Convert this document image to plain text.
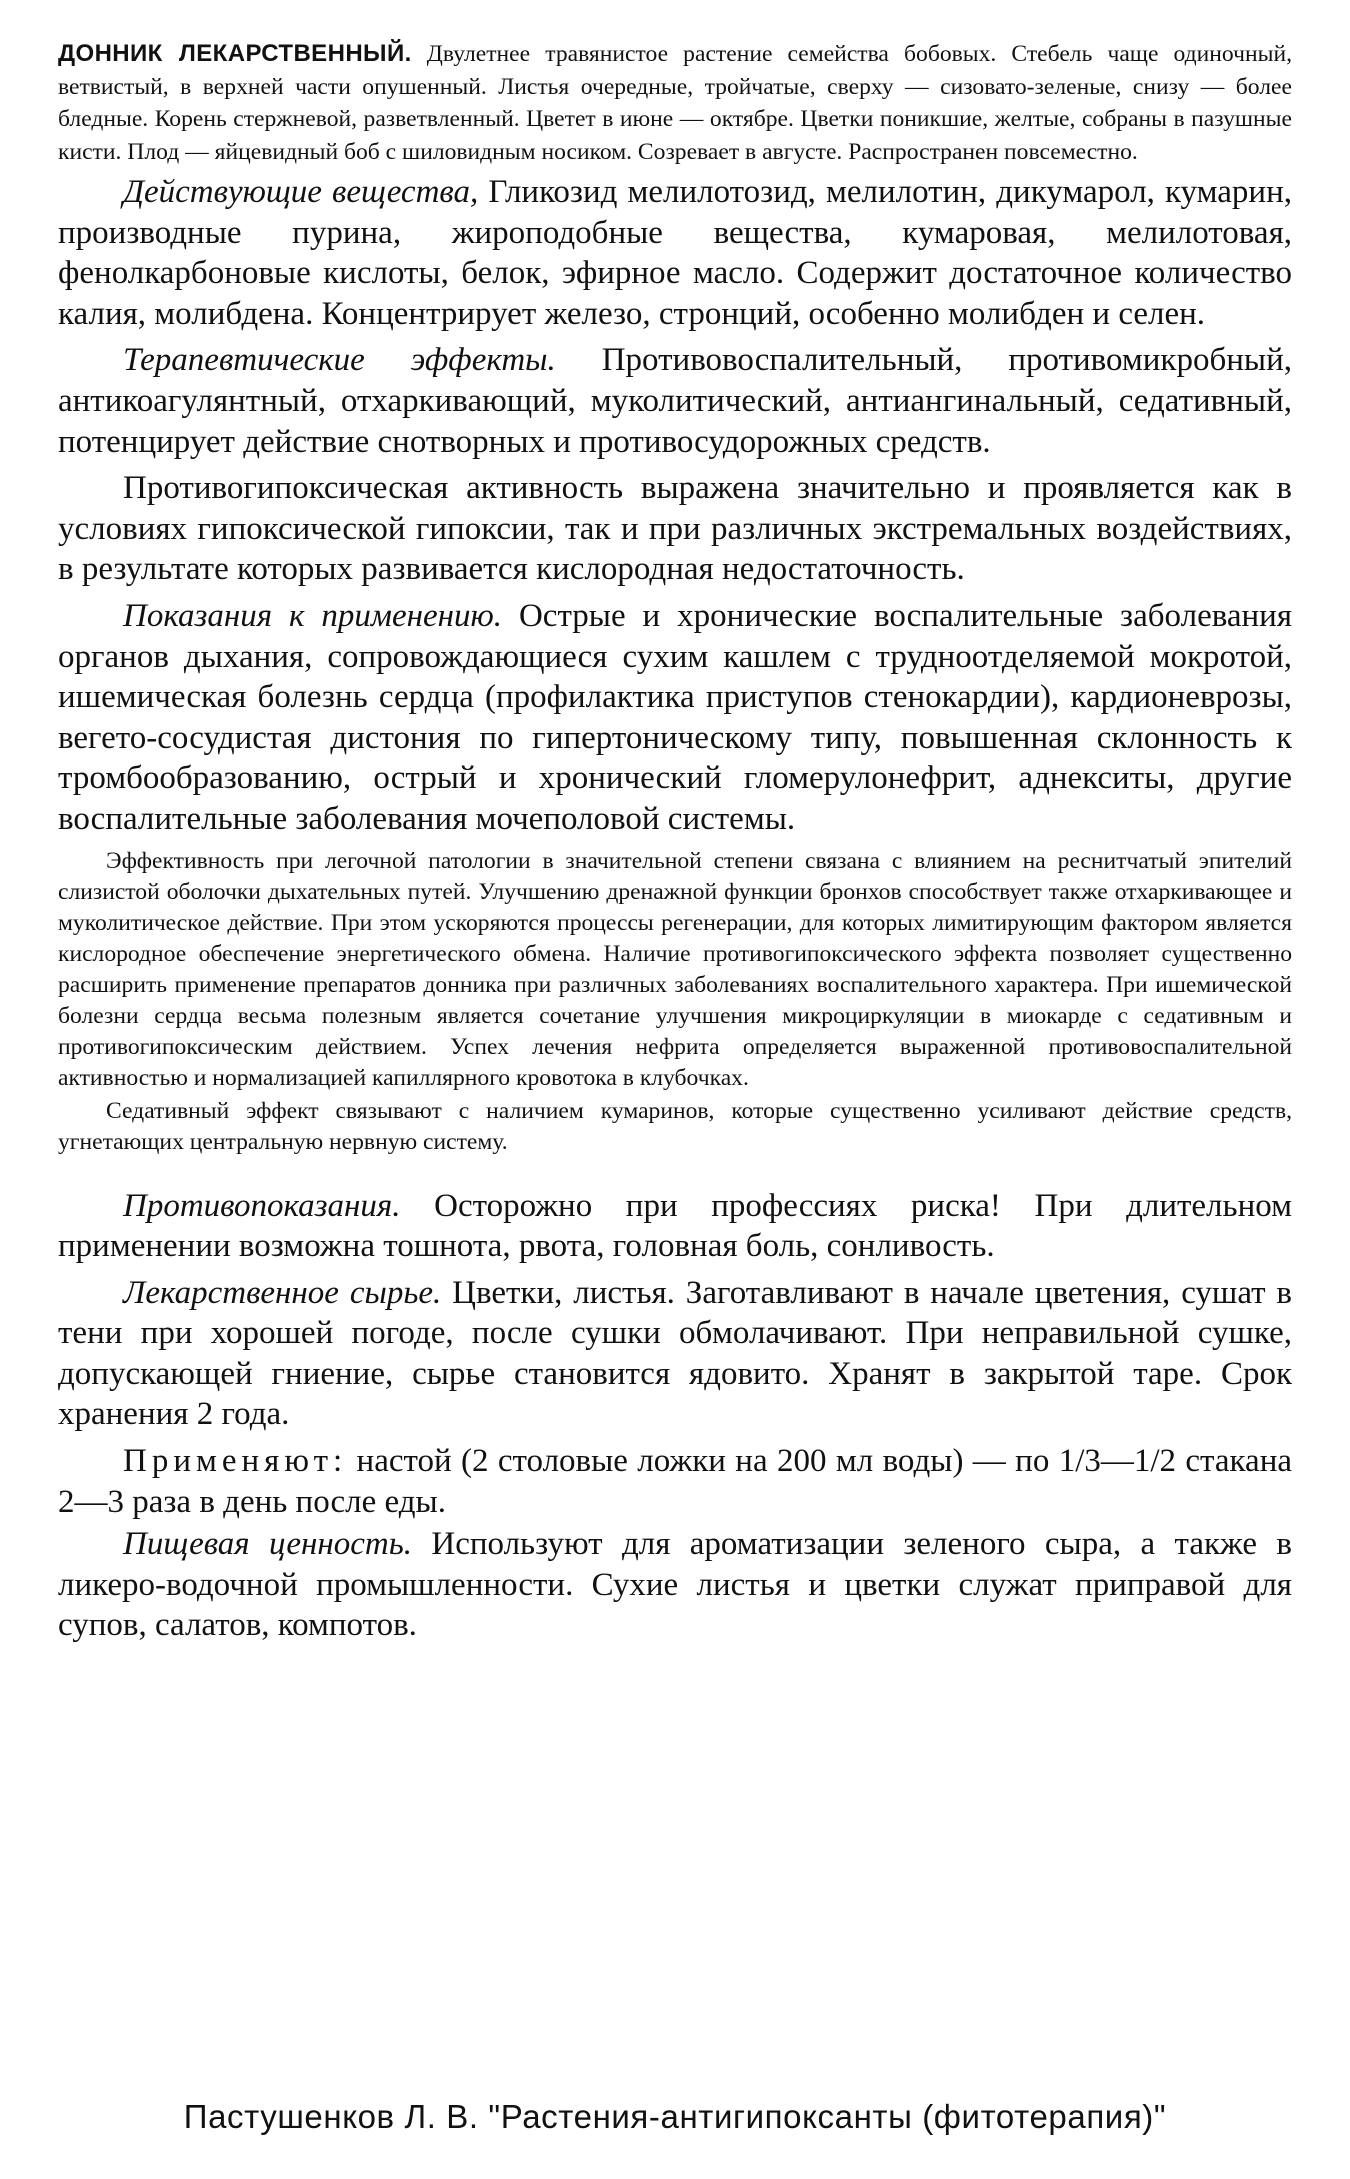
ДОННИК ЛЕКАРСТВЕННЫЙ. Двулетнее травянистое растение семейства бобовых. Стебель чаще одиночный, ветвистый, в верхней части опушенный. Листья очередные, тройчатые, сверху — сизовато-зеленые, снизу — более бледные. Корень стержневой, разветвленный. Цветет в июне — октябре. Цветки поникшие, желтые, собраны в пазушные кисти. Плод — яйцевидный боб с шиловидным носиком. Созревает в августе. Распространен повсеместно.

Действующие вещества, Гликозид мелилотозид, мелилотин, дикумарол, кумарин, производные пурина, жироподобные вещества, кумаровая, мелилотовая, фенолкарбоновые кислоты, белок, эфирное масло. Содержит достаточное количество калия, молибдена. Концентрирует железо, стронций, особенно молибден и селен.

Терапевтические эффекты. Противовоспалительный, противомикробный, антикоагулянтный, отхаркивающий, муколитический, антиангинальный, седативный, потенцирует действие снотворных и противосудорожных средств.

Противогипоксическая активность выражена значительно и проявляется как в условиях гипоксической гипоксии, так и при различных экстремальных воздействиях, в результате которых развивается кислородная недостаточность.

Показания к применению. Острые и хронические воспалительные заболевания органов дыхания, сопровождающиеся сухим кашлем с трудноотделяемой мокротой, ишемическая болезнь сердца (профилактика приступов стенокардии), кардионеврозы, вегето-сосудистая дистония по гипертоническому типу, повышенная склонность к тромбообразованию, острый и хронический гломерулонефрит, аднекситы, другие воспалительные заболевания мочеполовой системы.

Эффективность при легочной патологии в значительной степени связана с влиянием на реснитчатый эпителий слизистой оболочки дыхательных путей. Улучшению дренажной функции бронхов способствует также отхаркивающее и муколитическое действие. При этом ускоряются процессы регенерации, для которых лимитирующим фактором является кислородное обеспечение энергетического обмена. Наличие противогипоксического эффекта позволяет существенно расширить применение препаратов донника при различных заболеваниях воспалительного характера. При ишемической болезни сердца весьма полезным является сочетание улучшения микроциркуляции в миокарде с седативным и противогипоксическим действием. Успех лечения нефрита определяется выраженной противовоспалительной активностью и нормализацией капиллярного кровотока в клубочках.

Седативный эффект связывают с наличием кумаринов, которые существенно усиливают действие средств, угнетающих центральную нервную систему.

Противопоказания. Осторожно при профессиях риска! При длительном применении возможна тошнота, рвота, головная боль, сонливость.

Лекарственное сырье. Цветки, листья. Заготавливают в начале цветения, сушат в тени при хорошей погоде, после сушки обмолачивают. При неправильной сушке, допускающей гниение, сырье становится ядовито. Хранят в закрытой таре. Срок хранения 2 года.

Применяют: настой (2 столовые ложки на 200 мл воды) — по 1/3—1/2 стакана 2—3 раза в день после еды.

Пищевая ценность. Используют для ароматизации зеленого сыра, а также в ликеро-водочной промышленности. Сухие листья и цветки служат приправой для супов, салатов, компотов.

Пастушенков Л. В. "Растения-антигипоксанты (фитотерапия)"
